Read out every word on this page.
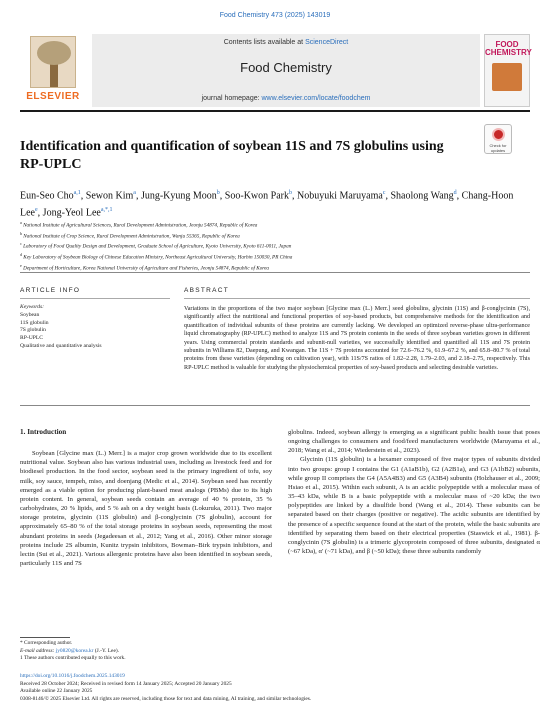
Food Chemistry 473 (2025) 143019
ELSEVIER
Contents lists available at ScienceDirect
Food Chemistry
journal homepage: www.elsevier.com/locate/foodchem
FOOD CHEMISTRY
Identification and quantification of soybean 11S and 7S globulins using RP-UPLC
Check for updates
Eun-Seo Cho$^{a,1}$, Sewon Kim$^a$, Jung-Kyung Moon$^b$, Soo-Kwon Park$^b$, Nobuyuki Maruyama$^c$, Shaolong Wang$^d$, Chang-Hoon Lee$^e$, Jong-Yeol Lee$^{a,*,1}$
$^a$ National Institute of Agricultural Sciences, Rural Development Administration, Jeonju 54874, Republic of Korea
$^b$ National Institute of Crop Science, Rural Development Administration, Wanju 55365, Republic of Korea
$^c$ Laboratory of Food Quality Design and Development, Graduate School of Agriculture, Kyoto University, Kyoto 611-0011, Japan
$^d$ Key Laboratory of Soybean Biology of Chinese Education Ministry, Northeast Agricultural University, Harbin 150030, PR China
$^e$ Department of Horticulture, Korea National University of Agriculture and Fisheries, Jeonju 54874, Republic of Korea
ARTICLE INFO	ABSTRACT
Keywords:
Soybean
11S globulin
7S globulin
RP-UPLC
Qualitative and quantitative analysis
Variations in the proportions of the two major soybean [Glycine max (L.) Merr.] seed globulins, glycinin (11S) and β-conglycinin (7S), significantly affect the nutritional and functional properties of soy-based products, but comprehensive methods for the identification and quantification of individual subunits of these proteins are currently lacking. We developed an optimized reverse-phase ultra-performance liquid chromatography (RP-UPLC) method to analyze 11S and 7S protein contents in the seeds of three soybean varieties grown in different years. Using commercial protein standards and subunit-null varieties, we successfully identified and quantified all 11S and 7S protein subunits in Williams 82, Daepung, and Kwangan. The 11S + 7S proteins accounted for 72.6–76.2 %, 61.9–67.2 %, and 65.8–80.7 % of total proteins from these varieties (depending on cultivation year), with 11S/7S ratios of 1.82–2.28, 1.79–2.03, and 2.18–2.75, respectively. This RP-UPLC method is valuable for studying the physiochemical properties of soy-based products and selecting desirable varieties.
1. Introduction

Soybean [Glycine max (L.) Merr.] is a major crop grown worldwide due to its excellent nutritional value. Soybean also has various industrial uses, including as livestock feed and for biodiesel production. In the food sector, soybean seed is the primary ingredient of tofu, soy milk, soy sauce, tempeh, miso, and doenjang (Medic et al., 2014). Soybean seed has recently emerged as a viable option for producing plant-based meat analogs (PBMs) due to its high protein content. In general, soybean seeds contain an average of 40 % protein, 35 % carbohydrates, 20 % lipids, and 5 % ash on a dry weight basis (Lokuruka, 2011). Two major storage proteins, glycinin (11S globulin) and β-conglycinin (7S globulin), account for approximately 65–80 % of the total storage proteins in soybean seeds, representing the most abundant proteins in seeds (Jegadeesan et al., 2012; Yang et al., 2016). Other minor storage proteins include 2S albumin, Kunitz trypsin inhibitors, Bowman–Birk trypsin inhibitors, and lectin (Sui et al., 2021). Various allergenic proteins have also been identified in soybean seeds, particularly 11S and 7S

globulins. Indeed, soybean allergy is emerging as a significant public health issue that poses ongoing challenges to consumers and food/feed manufacturers worldwide (Maruyama et al., 2018; Wang et al., 2014; Wiederstein et al., 2023).

Glycinin (11S globulin) is a hexamer composed of five major types of subunits divided into two groups: group I contains the G1 (A1aB1b), G2 (A2B1a), and G3 (A1bB2) subunits, while group II comprises the G4 (A5A4B3) and G5 (A3B4) subunits (Holzhauser et al., 2009; Hsiao et al., 2015). Within each subunit, A is an acidic polypeptide with a molecular mass of 35–43 kDa, while B is a basic polypeptide with a molecular mass of ~20 kDa; the two polypeptides are linked by a disulfide bond (Wang et al., 2014). These subunits can be separated based on their charges (positive or negative). The acidic subunits are identified by the presence of a specific sequence found at the start of the protein, while the basic subunits are identified by separating them based on their electrical properties (Staswick et al., 1981). β-conglycinin (7S globulin) is a trimeric glycoprotein composed of three subunits, designated α (~67 kDa), α′ (~71 kDa), and β (~50 kDa); these three subunits randomly

* Corresponding author.
E-mail address: jy0820@korea.kr (J.-Y. Lee).
1 These authors contributed equally to this work.
https://doi.org/10.1016/j.foodchem.2025.143019
Received 28 October 2024; Received in revised form 14 January 2025; Accepted 20 January 2025
Available online 22 January 2025
0308-8146/© 2025 Elsevier Ltd. All rights are reserved, including those for text and data mining, AI training, and similar technologies.
